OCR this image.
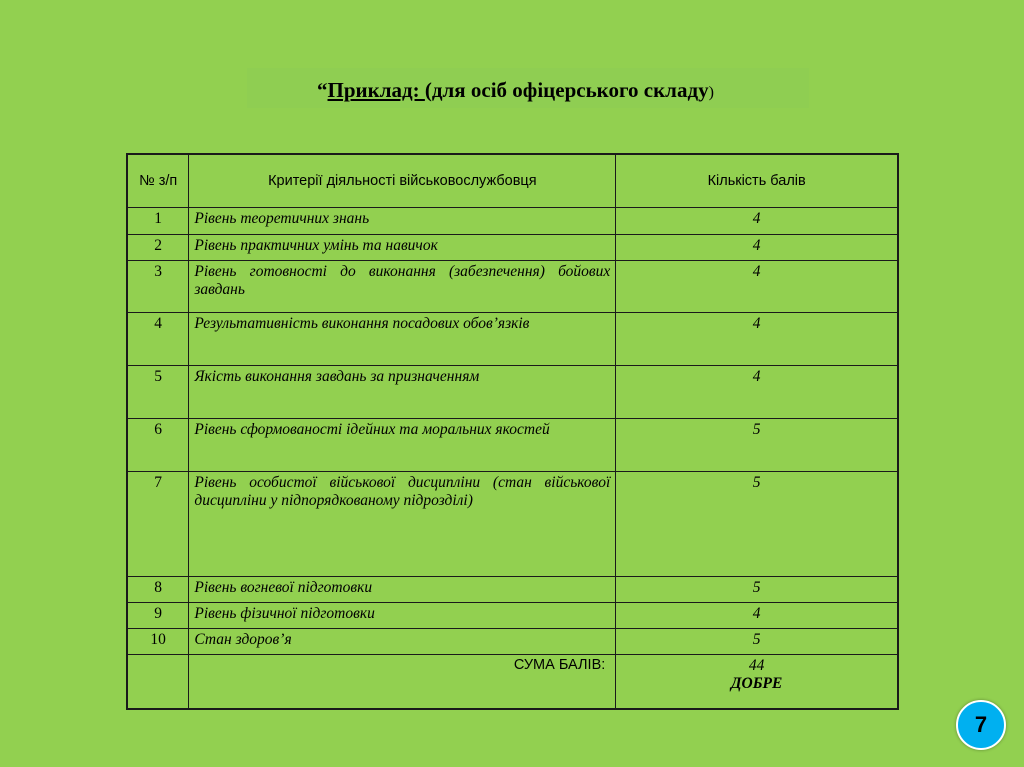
“Приклад: (для осіб офіцерського складу)
№ з/п	Критерії діяльності військовослужбовця	Кількість балів
1	Рівень теоретичних знань	4
2	Рівень практичних умінь та навичок	4
3	Рівень готовності до виконання (забезпечення) бойових завдань	4
4	Результативність виконання посадових обов’язків	4
5	Якість виконання завдань за призначенням	4
6	Рівень сформованості ідейних та моральних якостей	5
7	Рівень особистої військової дисципліни (стан військової дисципліни у підпорядкованому підрозділі)	5
8	Рівень вогневої підготовки	5
9	Рівень фізичної підготовки	4
10	Стан здоров’я	5
	СУМА БАЛІВ:	44
ДОБРЕ
7
